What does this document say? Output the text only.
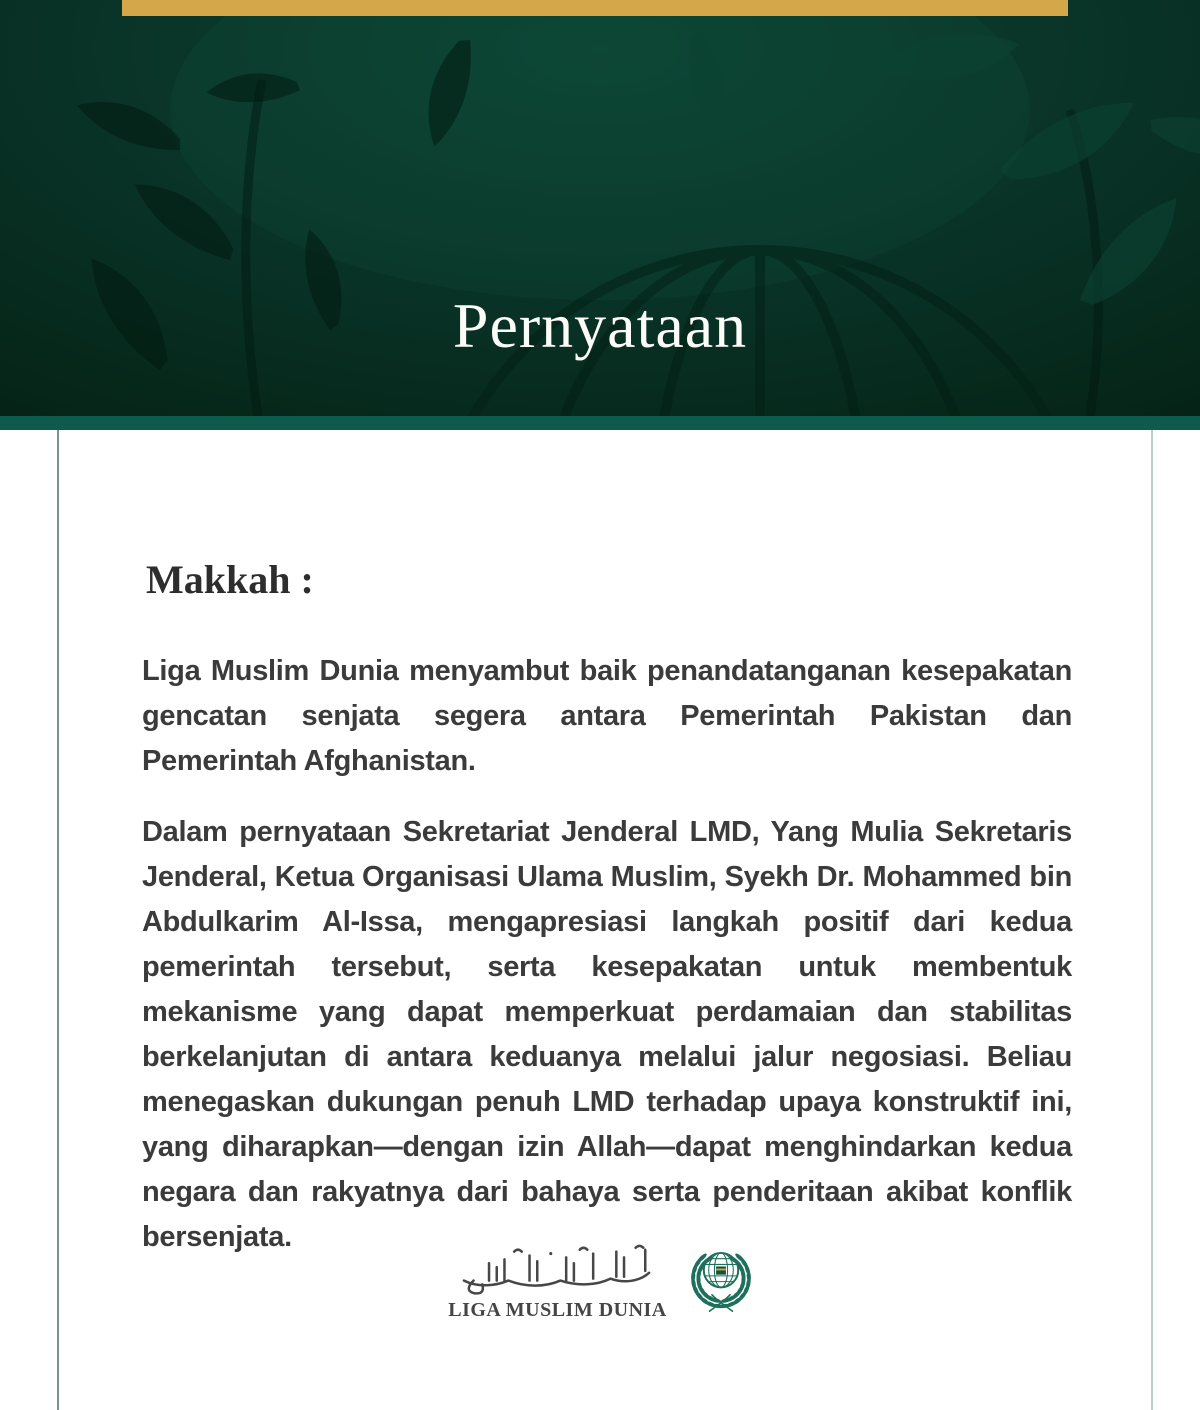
Pernyataan
Makkah :

Liga Muslim Dunia menyambut baik penandatanganan kesepakatan gencatan senjata segera antara Pemerintah Pakistan dan Pemerintah Afghanistan.

Dalam pernyataan Sekretariat Jenderal LMD, Yang Mulia Sekretaris Jenderal, Ketua Organisasi Ulama Muslim, Syekh Dr. Mohammed bin Abdulkarim Al-Issa, mengapresiasi langkah positif dari kedua pemerintah tersebut, serta kesepakatan untuk membentuk mekanisme yang dapat memperkuat perdamaian dan stabilitas berkelanjutan di antara keduanya melalui jalur negosiasi. Beliau menegaskan dukungan penuh LMD terhadap upaya konstruktif ini, yang diharapkan—dengan izin Allah—dapat menghindarkan kedua negara dan rakyatnya dari bahaya serta penderitaan akibat konflik bersenjata.

LIGA MUSLIM DUNIA
